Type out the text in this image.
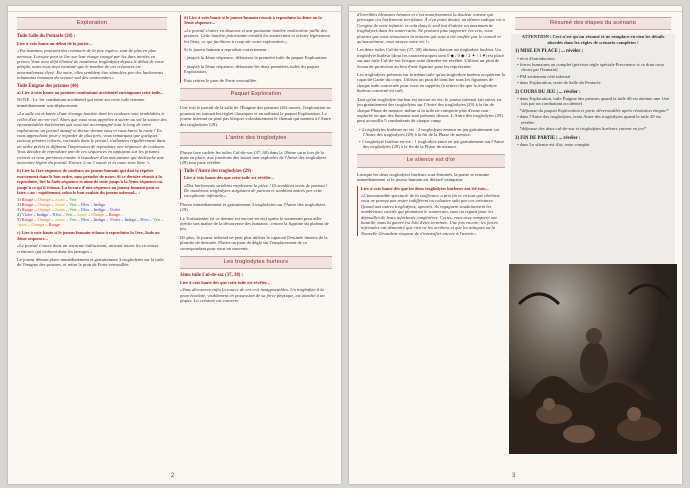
Exploration
Tuile Salle du Pentacle (28) :
Lire à voix haute au début de la partie...

«Vos hommes, pourtant des criminels de la pire espèce, sont de plus en plus nerveux. Lorsque peut se lire sur leur visage ravagé par les durs années en prison. Vous avez déjà éliminé de nombreux troglodytes depuis le début de votre périple, mais vous avez constaté que le nombre de ces créatures est anormalement élevé. En outre, elles semblent être stimulées par des hurlements inhumains émanant du secteur sud des catacombes.»

Tuile Énigme des prismes (46)
a) Lire à voix haute au premier combattant accidentel entraignant cette tuile...

NOTE : Le 1er combattant accidentel qui entre sur cette tuile termine immédiatement son déplacement.

«La salle est éclairée d'une étrange lumière dont les couleurs sont semblables à celles d'un arc-en-ciel. Alors que vous vous apprêtez à suivre au sol la source des épouvantables hurlements qui vous ont accompagné tout le long de votre exploration, un portail massif se dresse devant vous et vous barre la route ! En vous approchant pour y regarder de plus près, vous remarquez que quelques curieux prismes colorés, incrustés dans le portail, s'allument régulièrement dans un ordre précis et diffusent l'impression de reproduire une séquence de couleurs. Vous décidez de reproduire une de ces séquences en appuyant sur les prismes colorés et vous parvenez ensuite à visualiser d'un mécanisme qui déclenche une ouverture légère du portail. Encore 2 ou 3 essais et la route sera libre !»

b) Lire la 1ère séquence de couleurs au joueur humain qui doit la répéter exactement dans le bon ordre, sans prendre de notes. Si ce dernier réussit à la reproduire, lire la 2nde séquence et ainsi de suite jusqu'à la 5ème séquence ou jusqu'à ce qu'il échoue. La lecture d'une séquence au joueur humain peut se faire « au - rapidement, selon le bon vouloir du joueur infernal... :

1) Rouge – Orange – Jaune – Vert

2) Rouge – Orange – Jaune – Vert – Bleu – Indigo

3) Rouge – Orange – Jaune – Vert – Bleu – Indigo – Violet

4) Violet – Indigo – Bleu – Vert – Jaune – Orange – Rouge

5) Rouge – Orange – Jaune – Vert – Bleu – Indigo – Violet – Indigo – Bleu – Vert – Jaune – Orange – Rouge

c) Lire à voix haute si le joueur humain échoue à reproduire la 1ère, 2nde ou 3ème séquence...

«Le portail s'ouvre dans un vacarme hallucinant, attirant toutes les vicieuses créatures qui traînent dans les parages.»

Le joueur démon place immédiatement et gratuitement 3 troglodytes sur la tuile de l'énigme des prismes, et retire le pion de Porte verrouillée.

d) Lire à voix haute si le joueur humain réussit à reproduire la 4ème ou la 5ème séquence...

«Le portail s'ouvre en douceur et une puissante lumière multicolore jaillit des prismes. Cette lumière polarisante envahit les souterrains et éclaire légèrement les lieux, ce qui facilitera à coup sûr votre exploration.»

Si le joueur humain a reproduit correctement :

- jusqu'à la 4ème séquence, défaussez la première tuile du paquet Exploration.

- jusqu'à la 5ème séquence, défaussez les deux premières tuiles du paquet Exploration.

Puis retirez le pion de Porte verrouillée.

Paquet Exploration

Une fois le portail de la salle de l'Énigme des prismes (46) ouvert, l'exploration se poursuit en suivant les règles classiques et en utilisant le paquet Exploration. Le joueur infernal ne peut pas bloquer volontairement le chemin qui menera à l'Antre des troglodytes (29).

L'antre des troglodytes

Placez face cachée les tuiles Cul-de-sac (37, 38) dans la 10ème carte lors de la mise en place, aux jonctions des issues non explorées de l'Antre des troglodytes (29) tout juste révélée.

Tuile l'Antre des troglodytes (29)
Lire à voix haute dès que cette tuile est révélée...

«Des hurlements stridents emplissent la pièce ! Ils semblent venir de partout ! De nombreux troglodytes surgissent de partout et semblent attirés par cette cacophonie infernale.»

Placez immédiatement et gratuitement 3 troglodytes sur l'Antre des troglodytes (29).

Le Tortionnaire (si ce dernier est encore en vie) quitte le souterrain pour aller avertir son maître de la découverte des humains : retirez la figurine du plateau de jeu.

De plus, le joueur infernal ne peut plus utiliser la capacité Destinée funeste de la planche de destinée. Placez un pion de dégât sur l'emplacement de ce correspondant pour vous en souvenir.

Les troglodytes hurleurs
3ème tuile Cul-de-sac (37, 38) :
Lire à voix haute dès que cette tuile est révélée...

«Vous découvrez enfin la source de ces cris insupportables. Un troglodyte à la peau écarlate, visiblement en possession de sa force physique, est attaché à un piquet. La créature est couverte

2

d'horribles blessures béantes et c'est manifestement la douleur intense qui provoque ces hurlements terrifiants. À n'en point douter, un démon sadique est à l'origine de cette infamie, et cela dans le seul but d'attirer un maximum de troglodytes dans les souterrains. Ne pouvant plus supporter ces cris, vous pourrez que vous réussissiez la mission qui vous a été confiée par le conseil et qu'assurément, vous sauvez votre vie !»

Les deux tuiles Cul-de-sac (37, 38) abritent chacune un troglodyte hurleur. Un troglodyte hurleur (dont les caractéristiques sont 0 ◆ / 0 ◆ / 2 ✦ / 1 ♥) est placé sur une tuile Cul-de-sac lorsque cette dernière est révélée. Utilisez un pion de Sceau de protection au lieu d'une figurine pour les représenter.

Les troglodytes présents sur la même tuile qu'un troglodyte hurleur acquièrent la capacité Garde du corps. Utilisez un pion de bouclier sous les figurines de chaque tuile concernée pour vous en rappeler (à retirer dès que le troglodyte hurleur concerné est tué).

Tant qu'un troglodyte hurleur est encore en vie, le joueur infernal fait entrer en jeu gratuitement des troglodytes sur l'Antre des troglodytes (29) à la fin de chaque Phase de menace, même si la tuile ne comporte plus d'issue non-explorée ou que des humains sont présents dessus. L'Antre des troglodytes (29) peut accueillir 5 combattants de chaque camp.

• 2 troglodytes hurleurs en vie : 2 troglodytes entrent en jeu gratuitement sur l'Antre des troglodytes (29) à la fin de la Phase de menace.

• 1 troglodyte hurleur en vie : 1 troglodyte entre en jeu gratuitement sur l'Antre des troglodytes (29) à la fin de la Phase de menace.

Le silence est d'or

Lorsque les deux troglodytes hurleurs sont éliminés, la partie se termine immédiatement et le joueur humain est déclaré vainqueur.

Lire à voix haute dès que les deux troglodytes hurleurs ont été tués...

«L'insoutenable spectacle de la souffrance a pris fin et en tant que chrétien, vous ne pouvez pas rester indifférent ou coluavre subi par ces créatures. Quand aux autres troglodytes, apeurés, ils regagnent soudainement les nombreuses cavités qui plomment le souterrain, sans un regard pour les dépouilles de leurs infortunés congénères. Certes, vous avez remporté une bataille, mais la guerre est loin d'être terminée. Une fois encore, les forces infernales ont démontré que rien ne les arrêtera et que les attaques ou la Nouvelle Jérusalem risquent de s'intensifier encore à l'avenir.»

Résumé des étapes du scénario

ATTENTION : Ceci n'est qu'un résumé et ne remplace en rien les détails abordés dans les règles de scénario complètes !

1) MISE EN PLACE | ... révéler :

• récit d'introduction

• forces humaines au complet (préciser règle spéciale Prescience si ce dont ceux choisi par l'humain)

• PM seulement côté infernal

• dans Exploration, texte de Salle du Pentacle

2) COURS DU JEU | ... révéler :

• dans Exploration, tuile Énigme des prismes quand la tuile 46 est atteinte une 1ère fois par un combattant accidentel

*défausse du paquet Exploration et porte déverrouillée après résolution énigme*

• dans l'Antre des troglodytes, texte Antre des troglodytes quand la tuile 29 est révélée

*défausse des deux cul-de-sac et troglodytes hurleurs entrent en jeu*

3) FIN DE PARTIE | ... révéler :

• dans Le silence est d'or, texte complet

3
